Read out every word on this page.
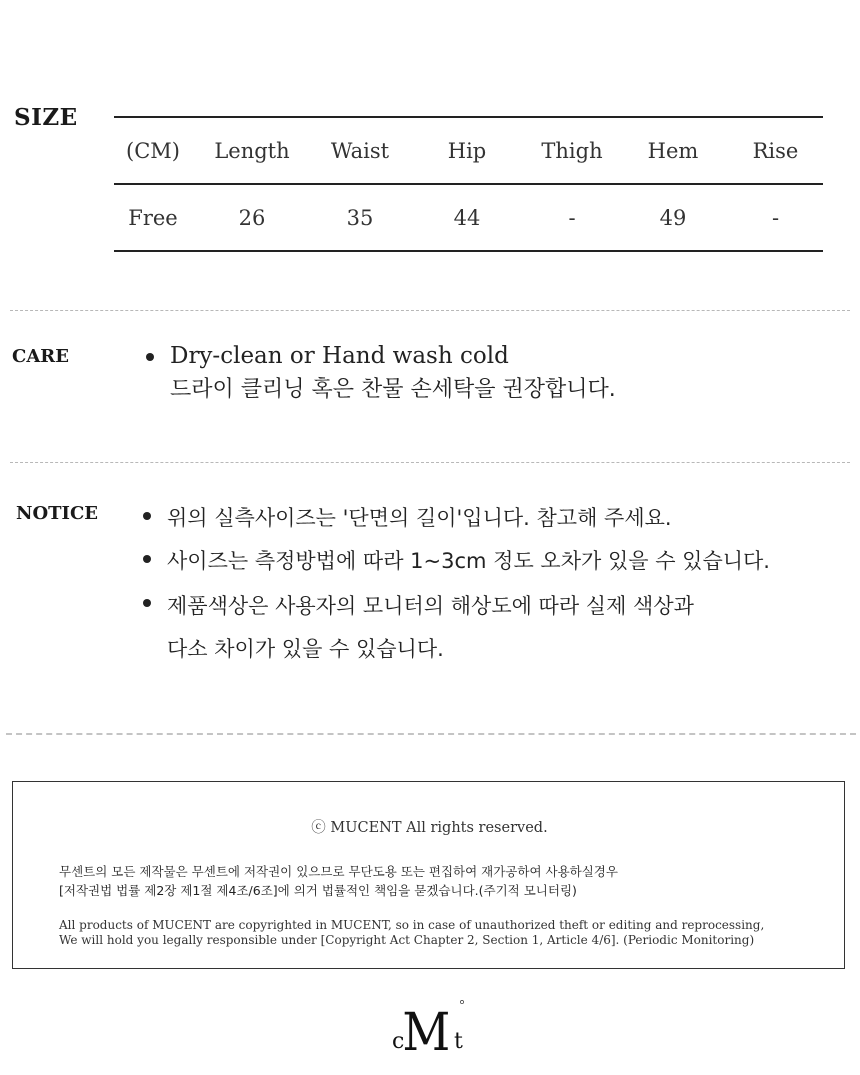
SIZE
(CM)	Length	Waist	Hip	Thigh	Hem	Rise
Free	26	35	44	-	49	-
CARE	Dry-clean or Hand wash cold
드라이 클리닝 혹은 찬물 손세탁을 권장합니다.
NOTICE	위의 실측사이즈는 '단면의 길이'입니다. 참고해 주세요.
사이즈는 측정방법에 따라 1~3cm 정도 오차가 있을 수 있습니다.
제품색상은 사용자의 모니터의 해상도에 따라 실제 색상과
다소 차이가 있을 수 있습니다.
ⓒ MUCENT All rights reserved.
무센트의 모든 제작물은 무센트에 저작권이 있으므로 무단도용 또는 편집하여 재가공하여 사용하실경우
[저작권법 법률 제2장 제1절 제4조/6조]에 의거 법률적인 책임을 묻겠습니다.(주기적 모니터링)
All products of MUCENT are copyrighted in MUCENT, so in case of unauthorized theft or editing and reprocessing,
We will hold you legally responsible under [Copyright Act Chapter 2, Section 1, Article 4/6]. (Periodic Monitoring)
c
M t
